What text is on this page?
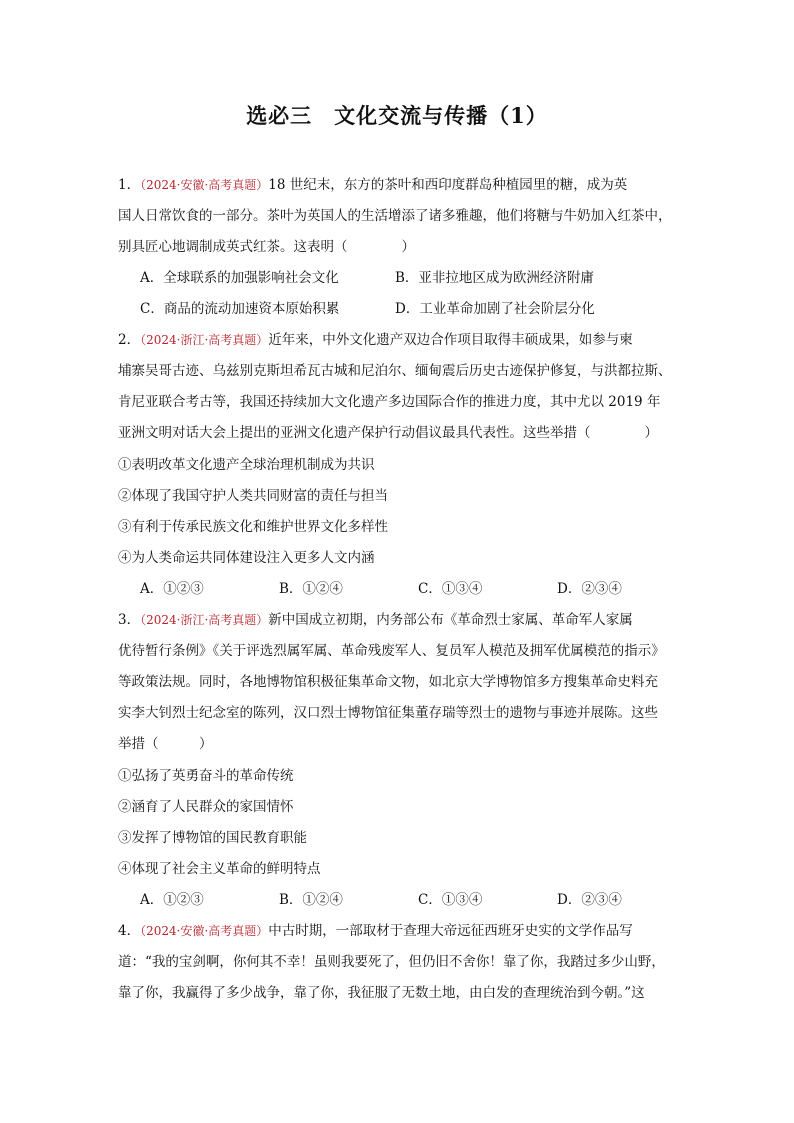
选必三　文化交流与传播（1）
1．（2024·安徽·高考真题）18 世纪末，东方的茶叶和西印度群岛种植园里的糖，成为英
国人日常饮食的一部分。茶叶为英国人的生活增添了诸多雅趣，他们将糖与牛奶加入红茶中，
别具匠心地调制成英式红茶。这表明（　　　　）
A．全球联系的加强影响社会文化	B．亚非拉地区成为欧洲经济附庸
C．商品的流动加速资本原始积累	D．工业革命加剧了社会阶层分化
2．（2024·浙江·高考真题）近年来，中外文化遗产双边合作项目取得丰硕成果，如参与柬
埔寨吴哥古迹、乌兹别克斯坦希瓦古城和尼泊尔、缅甸震后历史古迹保护修复，与洪都拉斯、
肯尼亚联合考古等，我国还持续加大文化遗产多边国际合作的推进力度，其中尤以 2019 年
亚洲文明对话大会上提出的亚洲文化遗产保护行动倡议最具代表性。这些举措（　　　　）
①表明改革文化遗产全球治理机制成为共识
②体现了我国守护人类共同财富的责任与担当
③有利于传承民族文化和维护世界文化多样性
④为人类命运共同体建设注入更多人文内涵
A．①②③	B．①②④	C．①③④	D．②③④
3．（2024·浙江·高考真题）新中国成立初期，内务部公布《革命烈士家属、革命军人家属
优待暂行条例》《关于评选烈属军属、革命残废军人、复员军人模范及拥军优属模范的指示》
等政策法规。同时，各地博物馆积极征集革命文物，如北京大学博物馆多方搜集革命史料充
实李大钊烈士纪念室的陈列，汉口烈士博物馆征集董存瑞等烈士的遗物与事迹并展陈。这些
举措（　　　）
①弘扬了英勇奋斗的革命传统
②涵育了人民群众的家国情怀
③发挥了博物馆的国民教育职能
④体现了社会主义革命的鲜明特点
A．①②③	B．①②④	C．①③④	D．②③④
4．（2024·安徽·高考真题）中古时期，一部取材于查理大帝远征西班牙史实的文学作品写
道：“我的宝剑啊，你何其不幸！虽则我要死了，但仍旧不舍你！靠了你，我踏过多少山野，
靠了你，我赢得了多少战争，靠了你，我征服了无数土地，由白发的查理统治到今朝。”这
